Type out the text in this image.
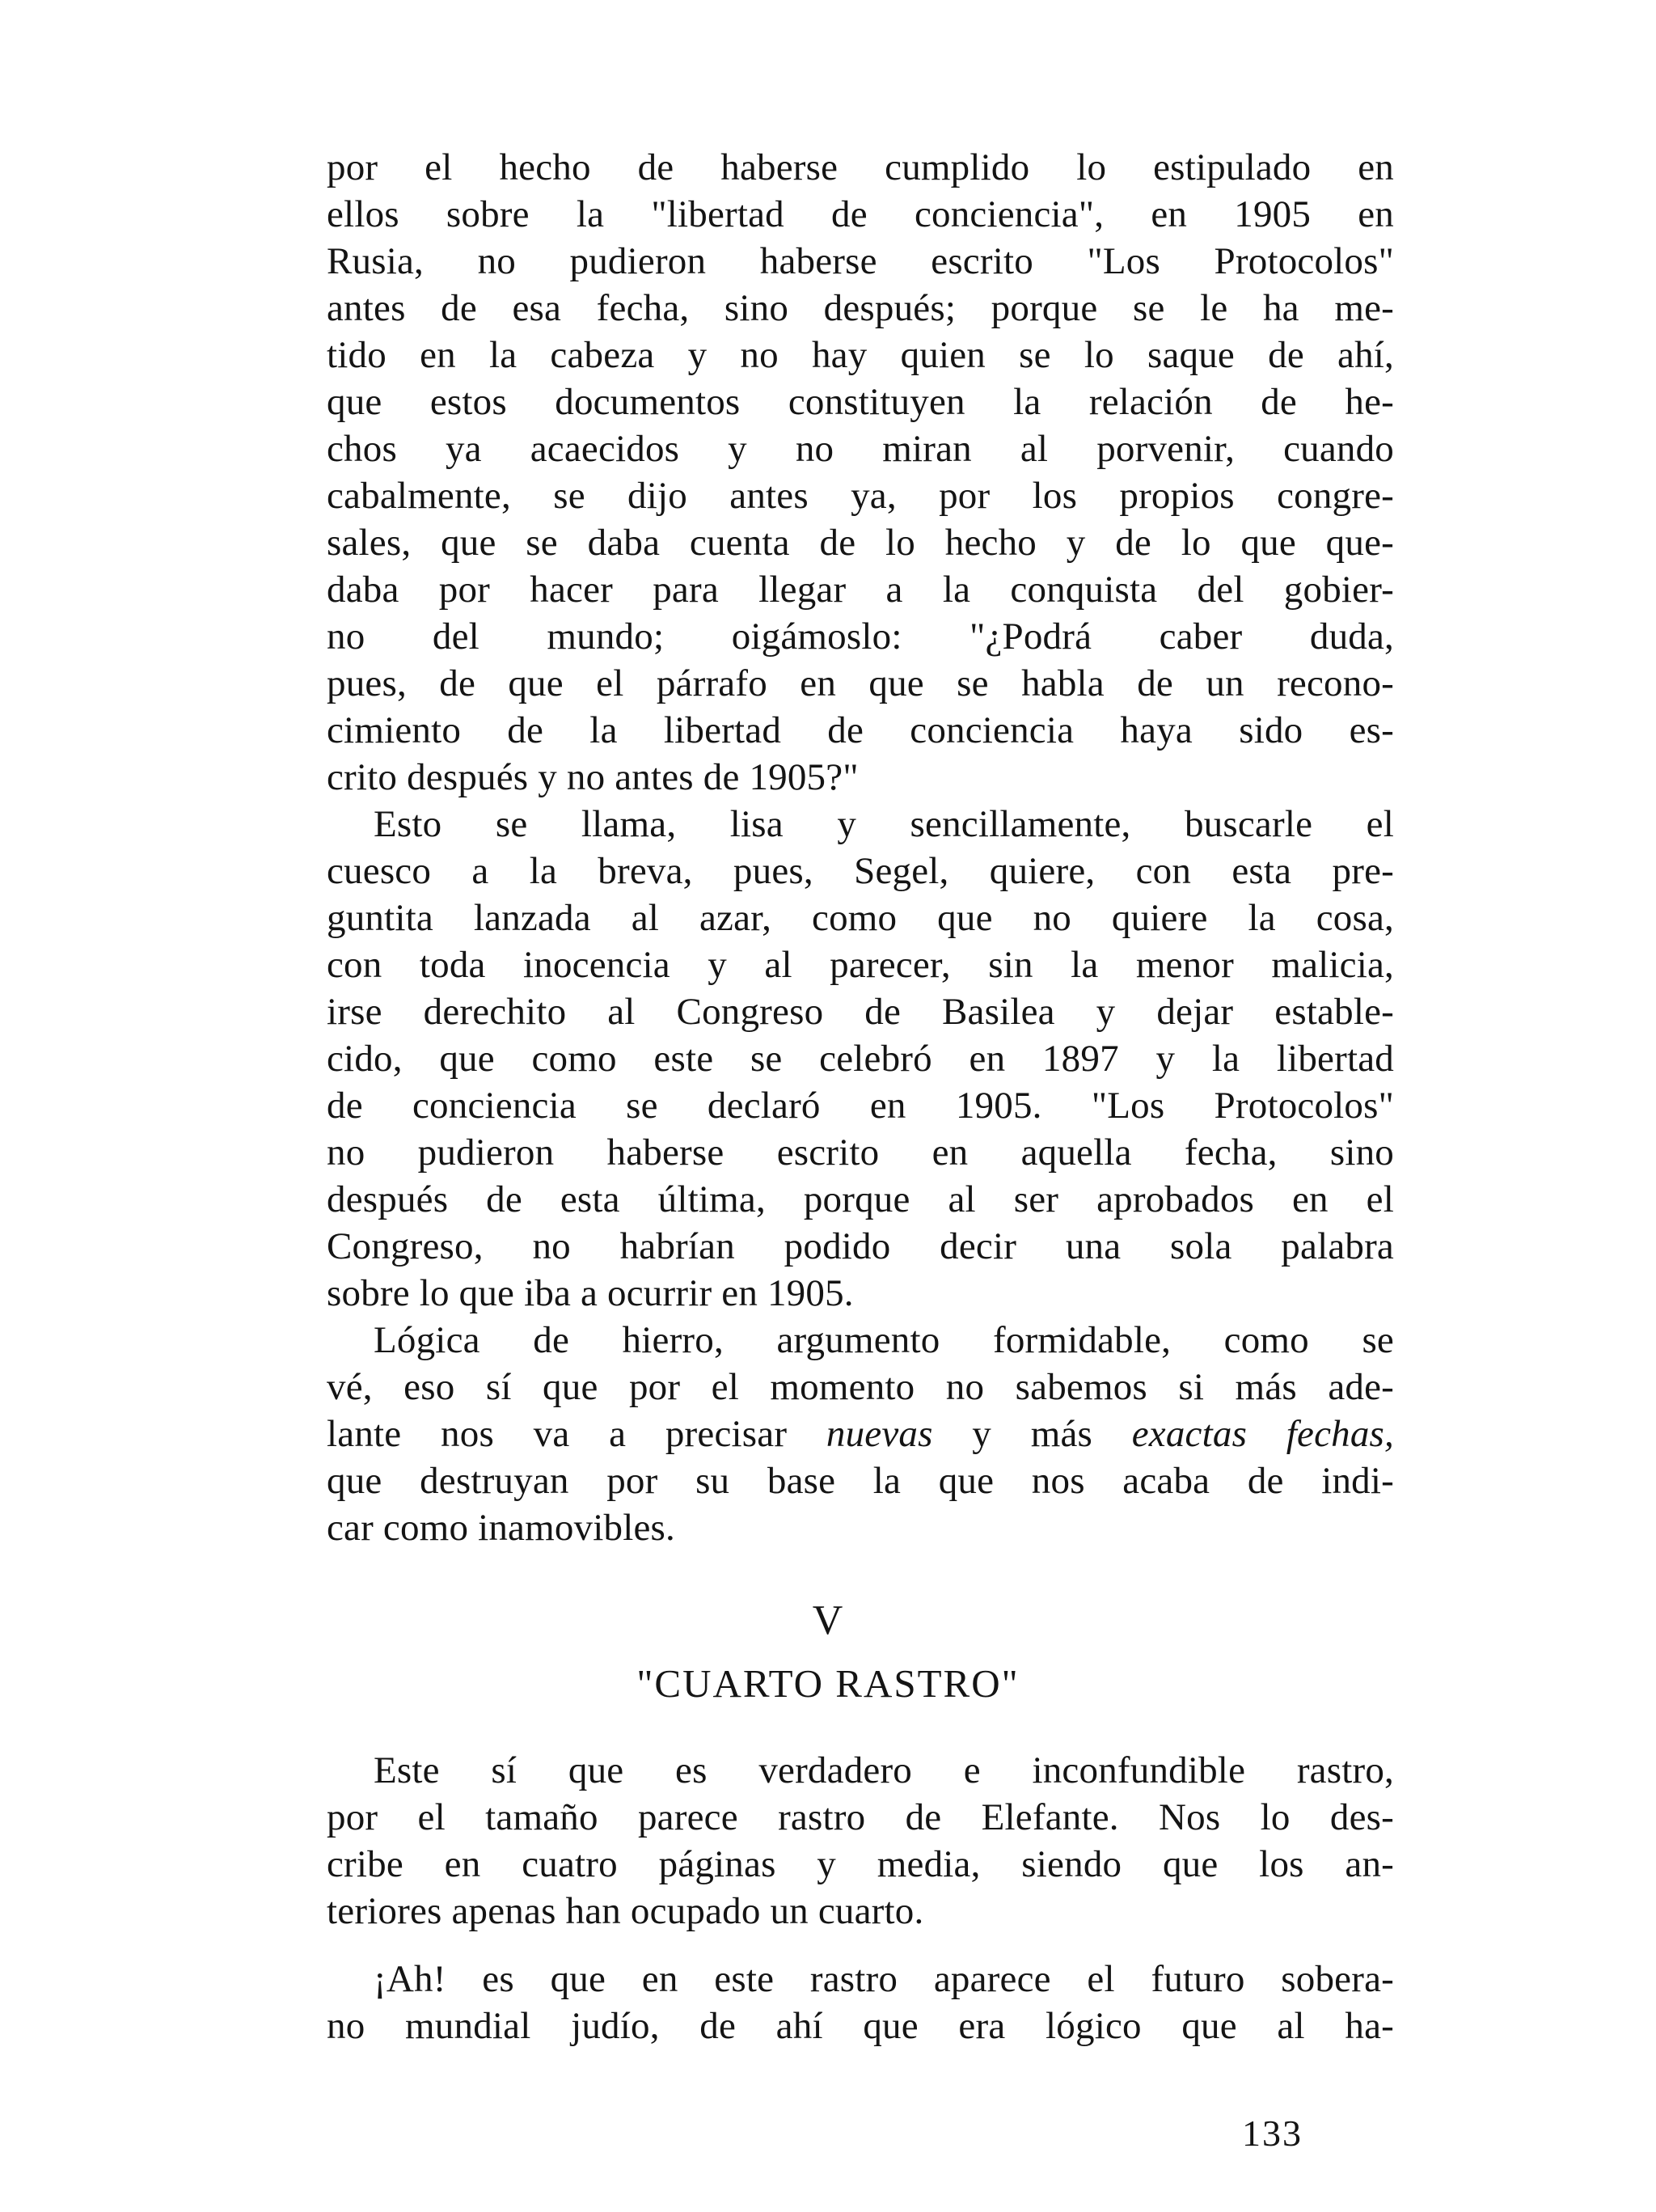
por el hecho de haberse cumplido lo estipulado en
ellos sobre la "libertad de conciencia", en 1905 en
Rusia, no pudieron haberse escrito "Los Protocolos"
antes de esa fecha, sino después; porque se le ha me-
tido en la cabeza y no hay quien se lo saque de ahí,
que estos documentos constituyen la relación de he-
chos ya acaecidos y no miran al porvenir, cuando
cabalmente, se dijo antes ya, por los propios congre-
sales, que se daba cuenta de lo hecho y de lo que que-
daba por hacer para llegar a la conquista del gobier-
no del mundo; oigámoslo: "¿Podrá caber duda,
pues, de que el párrafo en que se habla de un recono-
cimiento de la libertad de conciencia haya sido es-
crito después y no antes de 1905?"
Esto se llama, lisa y sencillamente, buscarle el
cuesco a la breva, pues, Segel, quiere, con esta pre-
guntita lanzada al azar, como que no quiere la cosa,
con toda inocencia y al parecer, sin la menor malicia,
irse derechito al Congreso de Basilea y dejar estable-
cido, que como este se celebró en 1897 y la libertad
de conciencia se declaró en 1905. "Los Protocolos"
no pudieron haberse escrito en aquella fecha, sino
después de esta última, porque al ser aprobados en el
Congreso, no habrían podido decir una sola palabra
sobre lo que iba a ocurrir en 1905.
Lógica de hierro, argumento formidable, como se
vé, eso sí que por el momento no sabemos si más ade-
lante nos va a precisar nuevas y más exactas fechas,
que destruyan por su base la que nos acaba de indi-
car como inamovibles.
V
"CUARTO RASTRO"
Este sí que es verdadero e inconfundible rastro,
por el tamaño parece rastro de Elefante. Nos lo des-
cribe en cuatro páginas y media, siendo que los an-
teriores apenas han ocupado un cuarto.
¡Ah! es que en este rastro aparece el futuro sobera-
no mundial judío, de ahí que era lógico que al ha-
133
